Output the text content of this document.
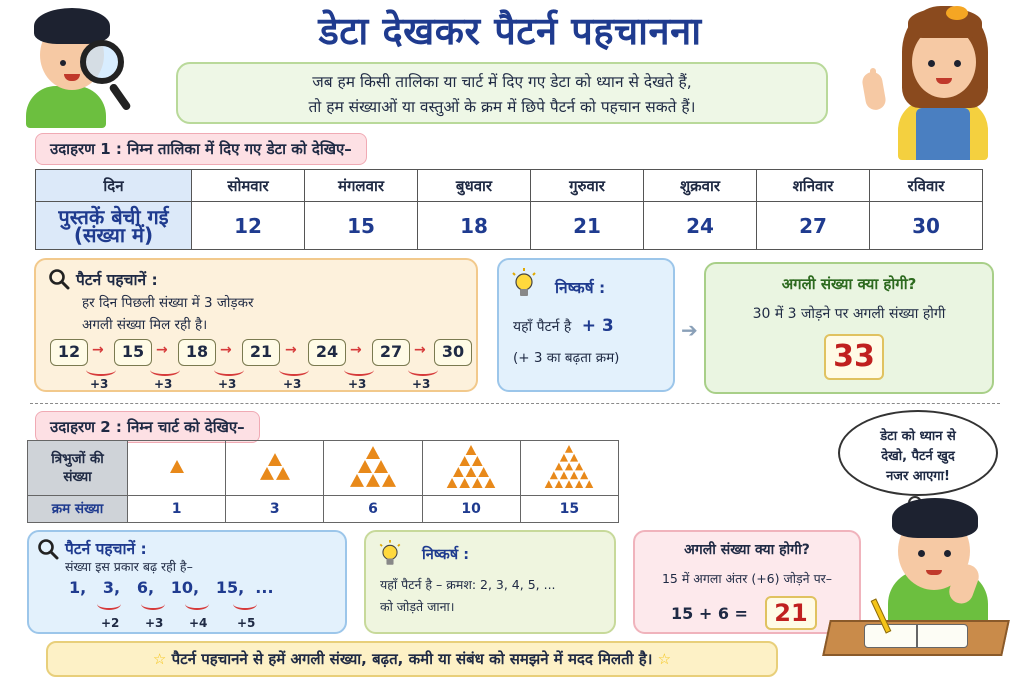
डेटा देखकर पैटर्न पहचानना
जब हम किसी तालिका या चार्ट में दिए गए डेटा को ध्यान से देखते हैं,
तो हम संख्याओं या वस्तुओं के क्रम में छिपे पैटर्न को पहचान सकते हैं।
उदाहरण 1 : निम्न तालिका में दिए गए डेटा को देखिए–
दिन	सोमवार	मंगलवार	बुधवार	गुरुवार	शुक्रवार	शनिवार	रविवार

पुस्तकें बेची गई
(संख्या में)	12	15	18	21	24	27	30
पैटर्न पहचानें :
हर दिन पिछली संख्या में 3 जोड़कर
अगली संख्या मिल रही है।
12	15	18	21	24	27	30
→	→	→	→	→	→
+3	+3	+3	+3	+3	+3
निष्कर्ष :
यहाँ पैटर्न है + 3
(+ 3 का बढ़ता क्रम)
➔
अगली संख्या क्या होगी?
30 में 3 जोड़ने पर अगली संख्या होगी
33
उदाहरण 2 : निम्न चार्ट को देखिए–
त्रिभुजों की
संख्या

क्रम संख्या	1	3	6	10	15
पैटर्न पहचानें :
संख्या इस प्रकार बढ़ रही है–
1,   3,   6,   10,   15,  ...
+2 +3 +4 +5
निष्कर्ष :
यहाँ पैटर्न है – क्रमश: 2, 3, 4, 5, ...
को जोड़ते जाना।
अगली संख्या क्या होगी?
15 में अगला अंतर (+6) जोड़ने पर–
15 + 6 =	21
डेटा को ध्यान से
देखो, पैटर्न खुद
नजर आएगा!
☆ पैटर्न पहचानने से हमें अगली संख्या, बढ़त, कमी या संबंध को समझने में मदद मिलती है। ☆
